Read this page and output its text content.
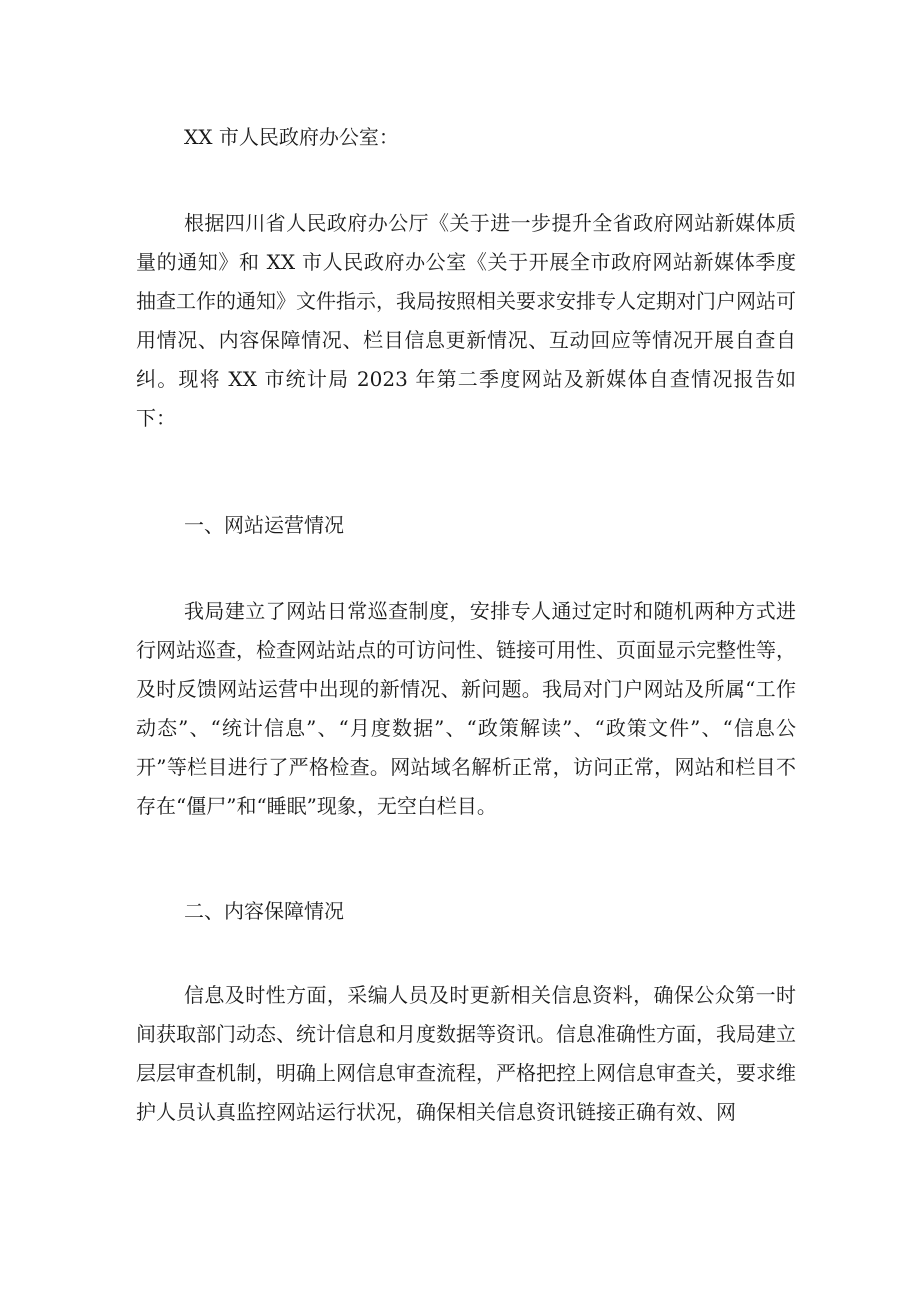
XX 市人民政府办公室：

根据四川省人民政府办公厅《关于进一步提升全省政府网站新媒体质量的通知》和 XX 市人民政府办公室《关于开展全市政府网站新媒体季度抽查工作的通知》文件指示，我局按照相关要求安排专人定期对门户网站可用情况、内容保障情况、栏目信息更新情况、互动回应等情况开展自查自纠。现将 XX 市统计局 2023 年第二季度网站及新媒体自查情况报告如下：

一、网站运营情况

我局建立了网站日常巡查制度，安排专人通过定时和随机两种方式进行网站巡查，检查网站站点的可访问性、链接可用性、页面显示完整性等，及时反馈网站运营中出现的新情况、新问题。我局对门户网站及所属“工作动态”、“统计信息”、“月度数据”、“政策解读”、“政策文件”、“信息公开”等栏目进行了严格检查。网站域名解析正常，访问正常，网站和栏目不存在“僵尸”和“睡眠”现象，无空白栏目。

二、内容保障情况

信息及时性方面，采编人员及时更新相关信息资料，确保公众第一时间获取部门动态、统计信息和月度数据等资讯。信息准确性方面，我局建立层层审查机制，明确上网信息审查流程，严格把控上网信息审查关，要求维护人员认真监控网站运行状况，确保相关信息资讯链接正确有效、网
